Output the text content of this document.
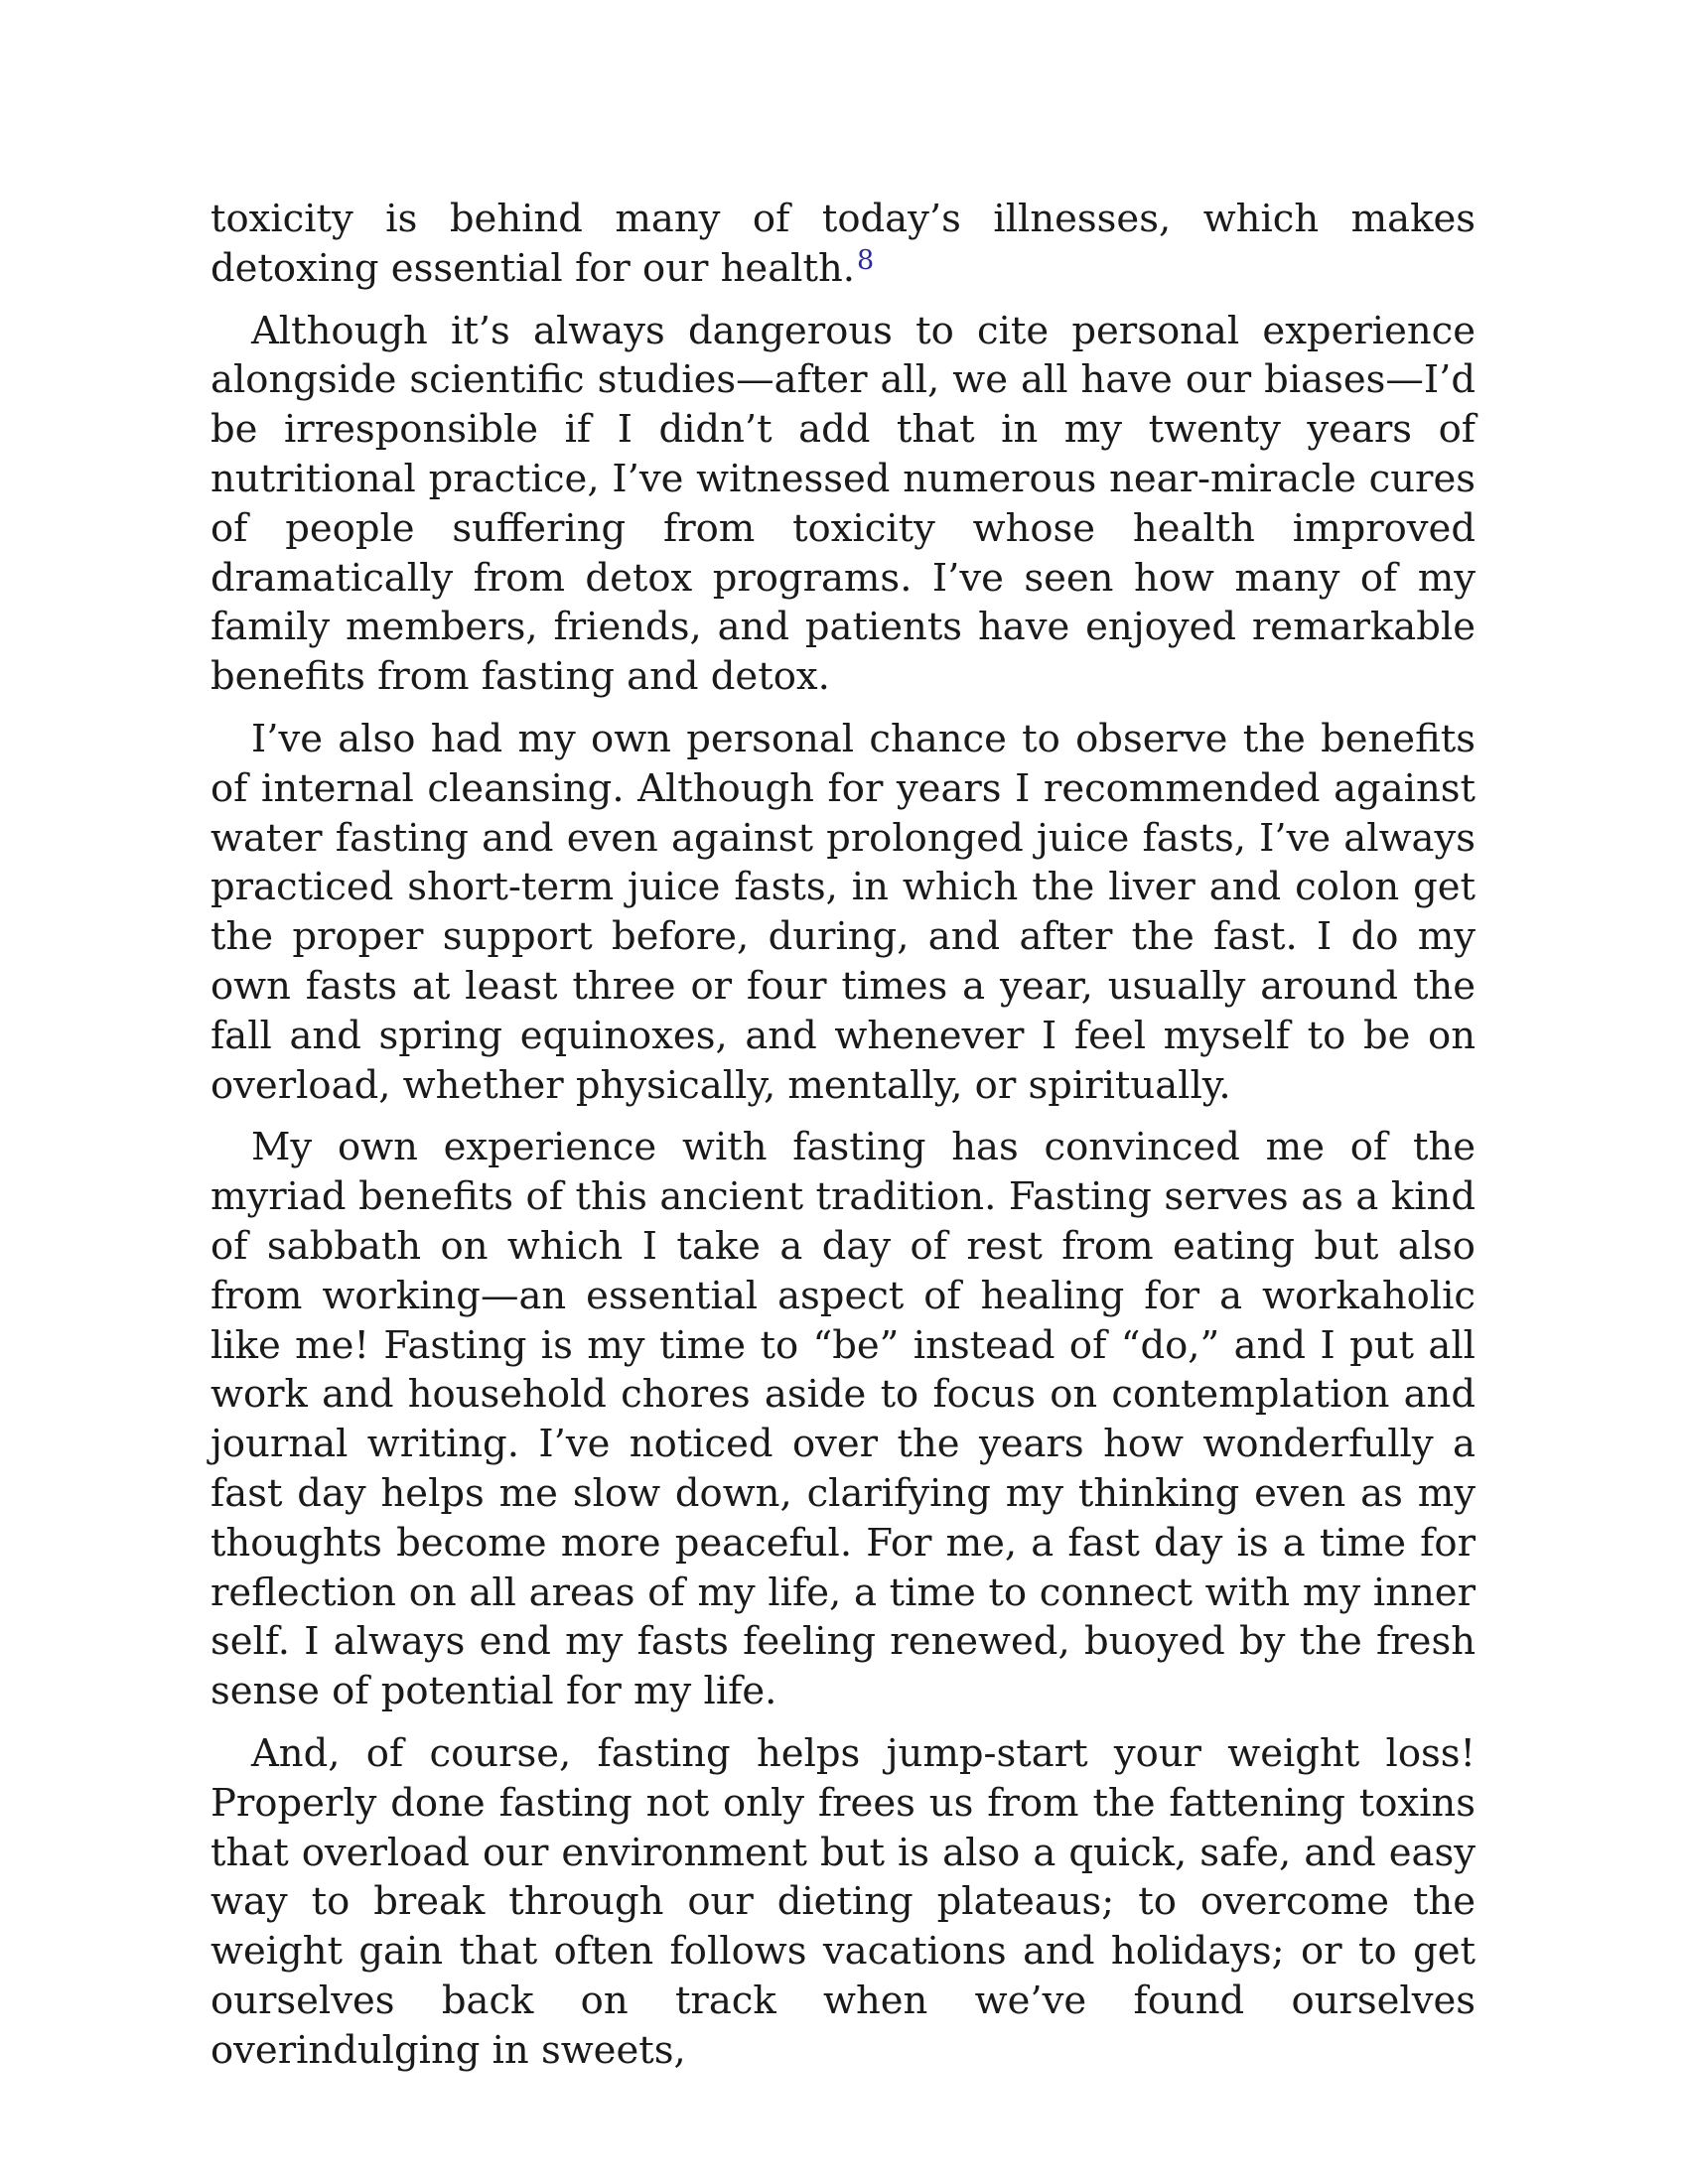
toxicity is behind many of today’s illnesses, which makes detoxing essential for our health.$^8$

Although it’s always dangerous to cite personal experience alongside scientific studies—after all, we all have our biases—I’d be irresponsible if I didn’t add that in my twenty years of nutritional practice, I’ve witnessed numerous near-miracle cures of people suffering from toxicity whose health improved dramatically from detox programs. I’ve seen how many of my family members, friends, and patients have enjoyed remarkable benefits from fasting and detox.

I’ve also had my own personal chance to observe the benefits of internal cleansing. Although for years I recommended against water fasting and even against prolonged juice fasts, I’ve always practiced short-term juice fasts, in which the liver and colon get the proper support before, during, and after the fast. I do my own fasts at least three or four times a year, usually around the fall and spring equinoxes, and whenever I feel myself to be on overload, whether physically, mentally, or spiritually.

My own experience with fasting has convinced me of the myriad benefits of this ancient tradition. Fasting serves as a kind of sabbath on which I take a day of rest from eating but also from working—an essential aspect of healing for a workaholic like me! Fasting is my time to “be” instead of “do,” and I put all work and household chores aside to focus on contemplation and journal writing. I’ve noticed over the years how wonderfully a fast day helps me slow down, clarifying my thinking even as my thoughts become more peaceful. For me, a fast day is a time for reflection on all areas of my life, a time to connect with my inner self. I always end my fasts feeling renewed, buoyed by the fresh sense of potential for my life.

And, of course, fasting helps jump-start your weight loss! Properly done fasting not only frees us from the fattening toxins that overload our environment but is also a quick, safe, and easy way to break through our dieting plateaus; to overcome the weight gain that often follows vacations and holidays; or to get ourselves back on track when we’ve found ourselves overindulging in sweets,
